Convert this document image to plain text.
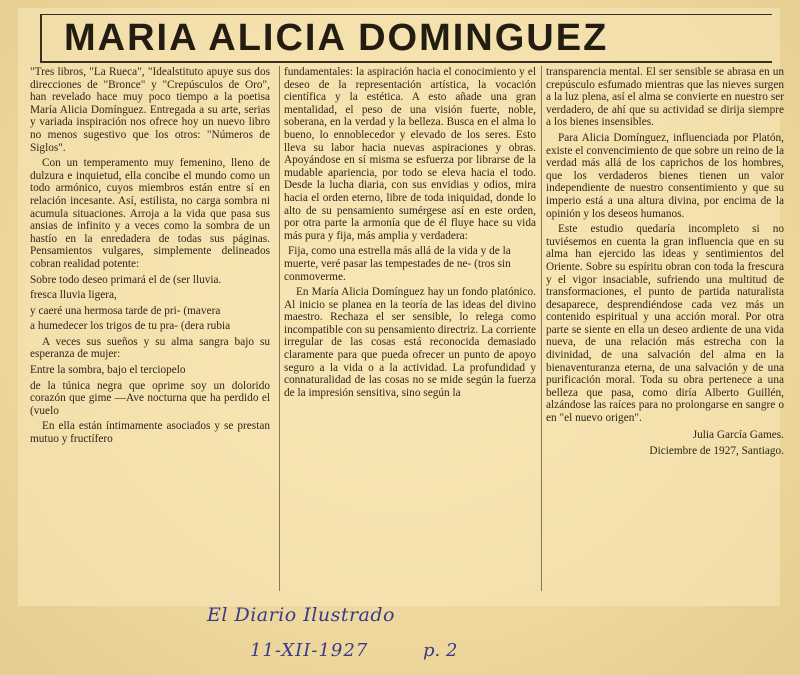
MARIA ALICIA DOMINGUEZ

"Tres libros, "La Rueca", "Idealstituto apuye sus dos direcciones de "Bronce" y "Crepúsculos de Oro", han revelado hace muy poco tiempo a la poetisa María Alicia Domínguez. Entregada a su arte, serias y variada inspiración nos ofrece hoy un nuevo libro no menos sugestivo que los otros: "Números de Siglos".

Con un temperamento muy femenino, lleno de dulzura e inquietud, ella concibe el mundo como un todo armónico, cuyos miembros están entre sí en relación incesante. Así, estilista, no carga sombra ni acumula situaciones. Arroja a la vida que pasa sus ansias de infinito y a veces como la sombra de un hastío en la enredadera de todas sus páginas. Pensamientos vulgares, simplemente delineados cobran realidad potente:

Sobre todo deseo primará el de (ser lluvia.

fresca lluvia ligera,

y caeré una hermosa tarde de pri- (mavera

a humedecer los trigos de tu pra- (dera rubia

A veces sus sueños y su alma sangra bajo su esperanza de mujer:

Entre la sombra, bajo el terciopelo

de la túnica negra que oprime soy un dolorido corazón que gime —Ave nocturna que ha perdido el (vuelo

En ella están íntimamente asociados y se prestan mutuo y fructífero

fundamentales: la aspiración hacia el conocimiento y el deseo de la representación artística, la vocación científica y la estética. A esto añade una gran mentalidad, el peso de una visión fuerte, noble, soberana, en la verdad y la belleza. Busca en el alma lo bueno, lo ennoblecedor y elevado de los seres. Esto lleva su labor hacia nuevas aspiraciones y obras. Apoyándose en sí misma se esfuerza por librarse de la mudable apariencia, por todo se eleva hacia el todo. Desde la lucha diaria, con sus envidias y odios, mira hacia el orden eterno, libre de toda iniquidad, donde lo alto de su pensamiento sumérgese así en este orden, por otra parte la armonía que de él fluye hace su vida más pura y fija, más amplia y verdadera:

Fija, como una estrella más allá de la vida y de la muerte, veré pasar las tempestades de ne- (tros sin conmoverme.

En María Alicia Domínguez hay un fondo platónico. Al inicio se planea en la teoría de las ideas del divino maestro. Rechaza el ser sensible, lo relega como incompatible con su pensamiento directriz. La corriente irregular de las cosas está reconocida demasiado claramente para que pueda ofrecer un punto de apoyo seguro a la vida o a la actividad. La profundidad y connaturalidad de las cosas no se mide según la fuerza de la impresión sensitiva, sino según la

transparencia mental. El ser sensible se abrasa en un crepúsculo esfumado mientras que las nieves surgen a la luz plena, así el alma se convierte en nuestro ser verdadero, de ahí que su actividad se dirija siempre a los bienes insensibles.

Para Alicia Domínguez, influenciada por Platón, existe el convencimiento de que sobre un reino de la verdad más allá de los caprichos de los hombres, que los verdaderos bienes tienen un valor independiente de nuestro consentimiento y que su imperio está a una altura divina, por encima de la opinión y los deseos humanos.

Este estudio quedaría incompleto si no tuviésemos en cuenta la gran influencia que en su alma han ejercido las ideas y sentimientos del Oriente. Sobre su espíritu obran con toda la frescura y el vigor insaciable, sufriendo una multitud de transformaciones, el punto de partida naturalista desaparece, desprendiéndose cada vez más un contenido espiritual y una acción moral. Por otra parte se siente en ella un deseo ardiente de una vida nueva, de una relación más estrecha con la divinidad, de una salvación del alma en la bienaventuranza eterna, de una salvación y de una purificación moral. Toda su obra pertenece a una belleza que pasa, como diría Alberto Guillén, alzándose las raíces para no prolongarse en sangre o en "el nuevo origen".

Julia García Games.

Diciembre de 1927, Santiago.

El Diario Ilustrado
11-XII-1927	p. 2
